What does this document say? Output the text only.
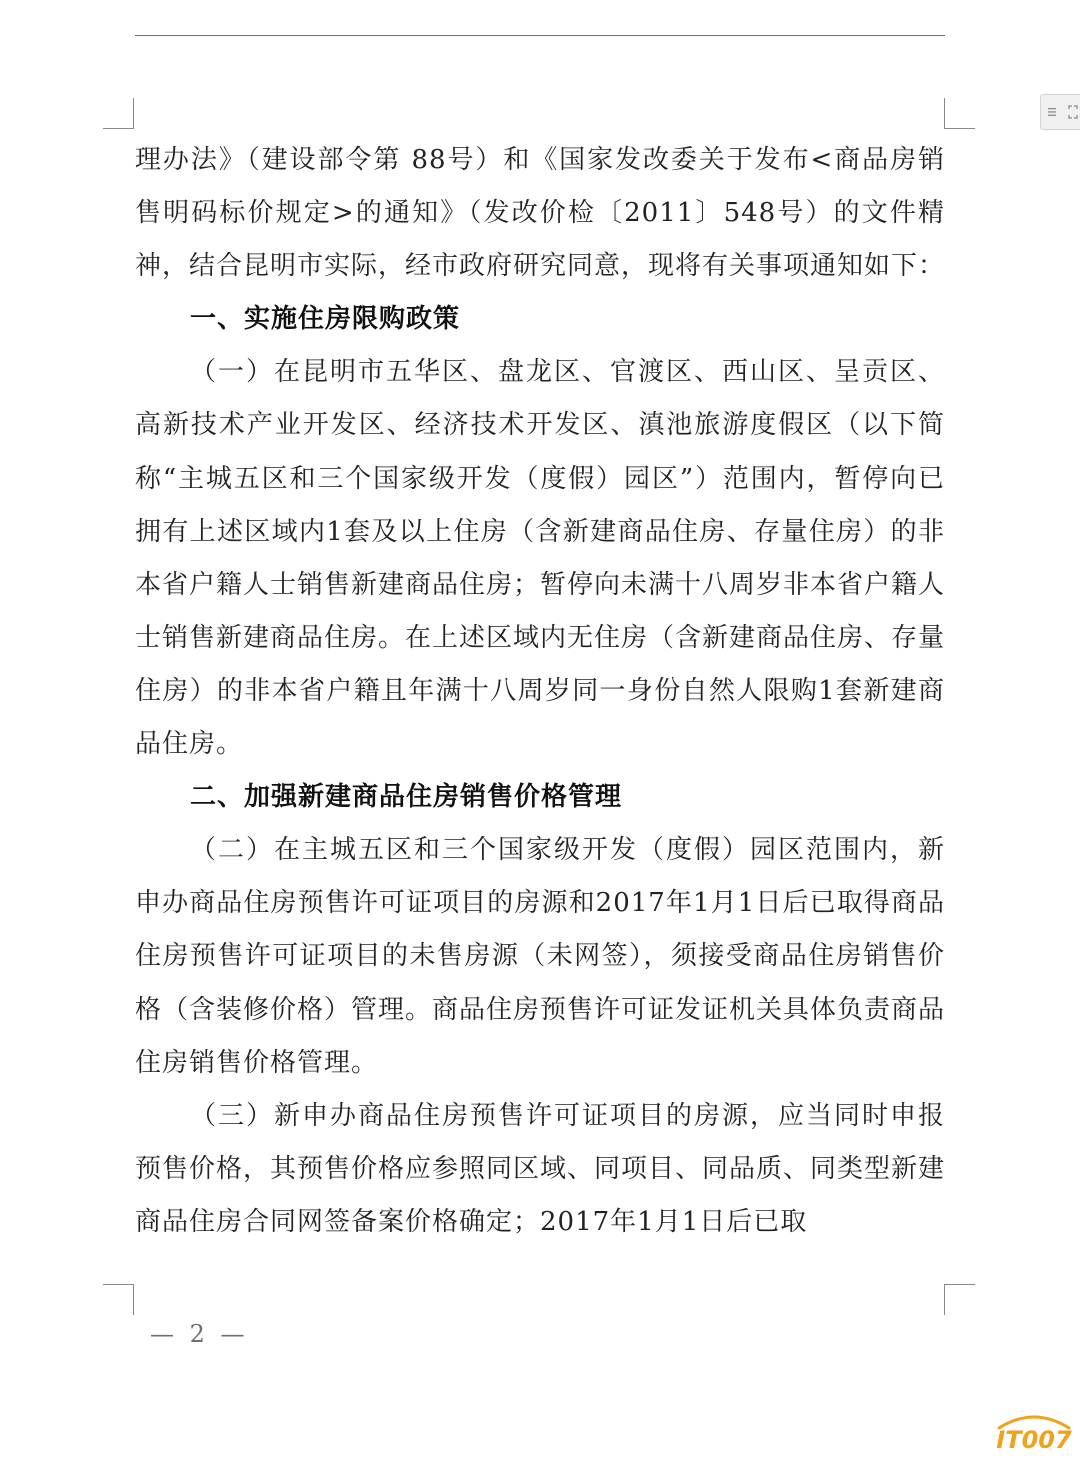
理办法》（建设部令第 88号）和《国家发改委关于发布<商品房销售明码标价规定>的通知》（发改价检〔2011〕548号）的文件精神，结合昆明市实际，经市政府研究同意，现将有关事项通知如下：

一、实施住房限购政策

（一）在昆明市五华区、盘龙区、官渡区、西山区、呈贡区、高新技术产业开发区、经济技术开发区、滇池旅游度假区（以下简称“主城五区和三个国家级开发（度假）园区”）范围内，暂停向已拥有上述区域内1套及以上住房（含新建商品住房、存量住房）的非本省户籍人士销售新建商品住房；暂停向未满十八周岁非本省户籍人士销售新建商品住房。在上述区域内无住房（含新建商品住房、存量住房）的非本省户籍且年满十八周岁同一身份自然人限购1套新建商品住房。

二、加强新建商品住房销售价格管理

（二）在主城五区和三个国家级开发（度假）园区范围内，新申办商品住房预售许可证项目的房源和2017年1月1日后已取得商品住房预售许可证项目的未售房源（未网签），须接受商品住房销售价格（含装修价格）管理。商品住房预售许可证发证机关具体负责商品住房销售价格管理。

（三）新申办商品住房预售许可证项目的房源，应当同时申报预售价格，其预售价格应参照同区域、同项目、同品质、同类型新建商品住房合同网签备案价格确定；2017年1月1日后已取

— 2 —
IT007
